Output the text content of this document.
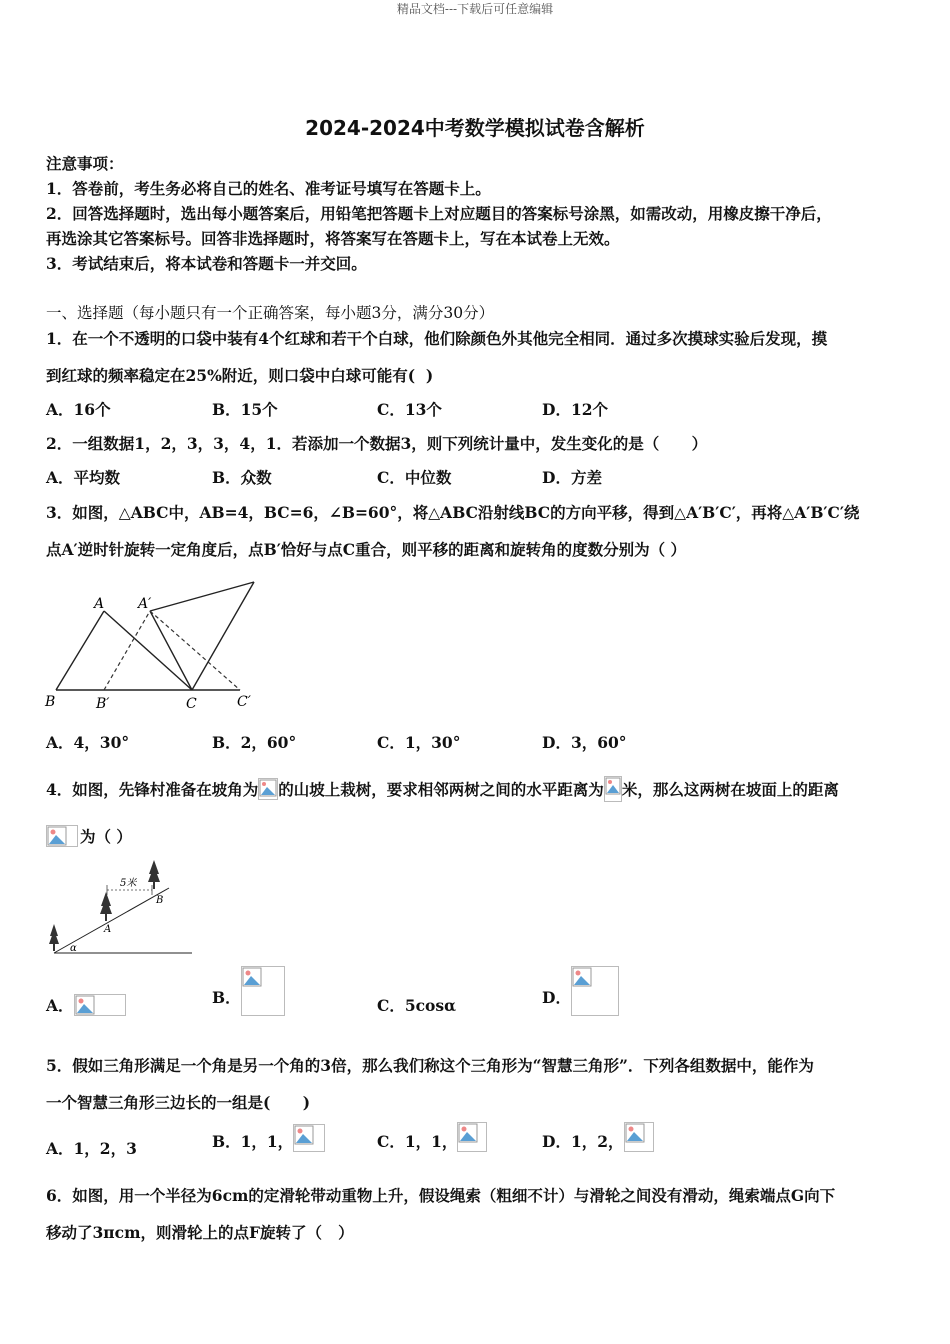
精品文档---下载后可任意编辑
2024-2024中考数学模拟试卷含解析
注意事项：
1．答卷前，考生务必将自己的姓名、准考证号填写在答题卡上。
2．回答选择题时，选出每小题答案后，用铅笔把答题卡上对应题目的答案标号涂黑，如需改动，用橡皮擦干净后，
再选涂其它答案标号。回答非选择题时，将答案写在答题卡上，写在本试卷上无效。
3．考试结束后，将本试卷和答题卡一并交回。
一、选择题（每小题只有一个正确答案，每小题3分，满分30分）
1．在一个不透明的口袋中装有4个红球和若干个白球，他们除颜色外其他完全相同．通过多次摸球实验后发现，摸
到红球的频率稳定在25%附近，则口袋中白球可能有(  )
A．16个	B．15个	C．13个	D．12个
2．一组数据1，2，3，3，4，1．若添加一个数据3，则下列统计量中，发生变化的是（      ）
A．平均数	B．众数	C．中位数	D．方差
3．如图，△ABC中，AB=4，BC=6，∠B=60°，将△ABC沿射线BC的方向平移，得到△A′B′C′，再将△A′B′C′绕
点A′逆时针旋转一定角度后，点B′恰好与点C重合，则平移的距离和旋转角的度数分别为（ ）
A A′
B	B′	C	C′
A．4，30°	B．2，60°	C．1，30°	D．3，60°
4．如图，先锋村准备在坡角为 的山坡上栽树，要求相邻两树之间的水平距离为 米，那么这两树在坡面上的距离
为（ ）
5米
A
B
α
A．	B．	C．5cosα	D．
5．假如三角形满足一个角是另一个角的3倍，那么我们称这个三角形为“智慧三角形”．下列各组数据中，能作为
一个智慧三角形三边长的一组是(      )
A．1，2，3	B．1，1，	C．1，1，	D．1，2，
6．如图，用一个半径为6cm的定滑轮带动重物上升，假设绳索（粗细不计）与滑轮之间没有滑动，绳索端点G向下
移动了3πcm，则滑轮上的点F旋转了（   ）
